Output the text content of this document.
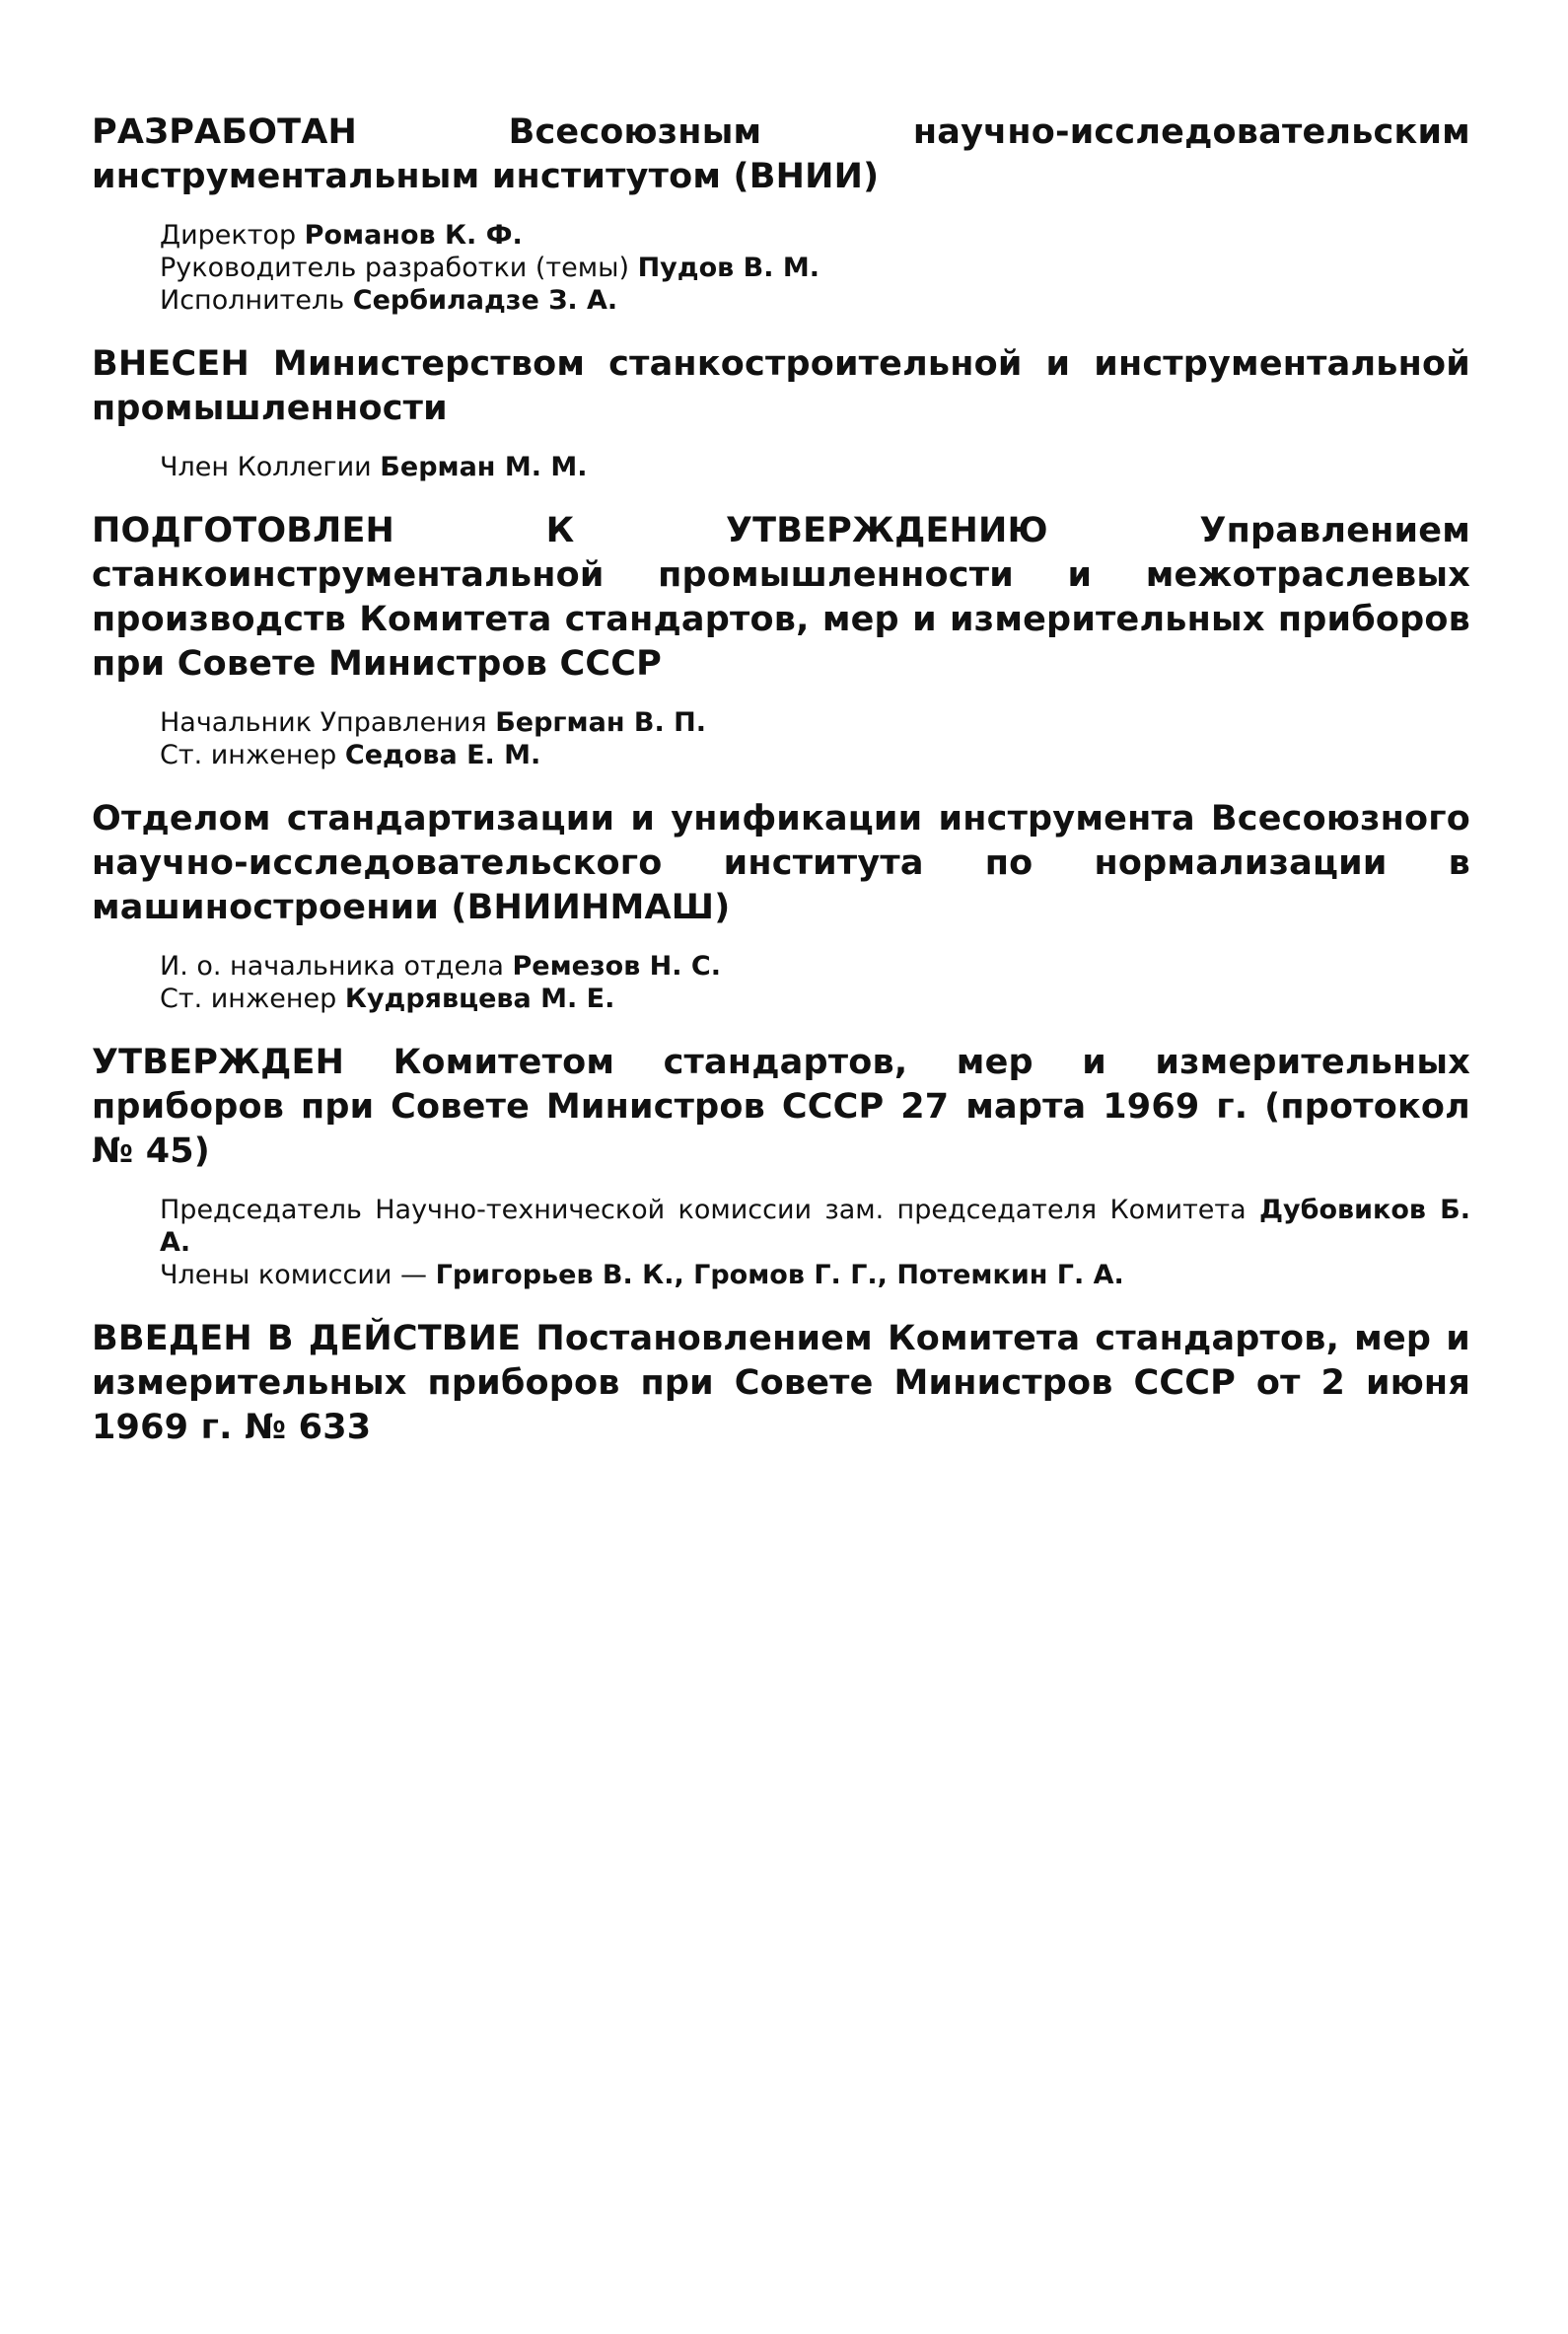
РАЗРАБОТАН Всесоюзным научно-исследовательским инструментальным институтом (ВНИИ)

Директор Романов К. Ф.
Руководитель разработки (темы) Пудов В. М.
Исполнитель Сербиладзе З. А.

ВНЕСЕН Министерством станкостроительной и инструментальной промышленности

Член Коллегии Берман М. М.

ПОДГОТОВЛЕН К УТВЕРЖДЕНИЮ Управлением станкоинструментальной промышленности и межотраслевых производств Комитета стандартов, мер и измерительных приборов при Совете Министров СССР

Начальник Управления Бергман В. П.
Ст. инженер Седова Е. М.

Отделом стандартизации и унификации инструмента Всесоюзного научно-исследовательского института по нормализации в машиностроении (ВНИИНМАШ)

И. о. начальника отдела Ремезов Н. С.
Ст. инженер Кудрявцева М. Е.

УТВЕРЖДЕН Комитетом стандартов, мер и измерительных приборов при Совете Министров СССР 27 марта 1969 г. (протокол № 45)

Председатель Научно-технической комиссии зам. председателя Комитета Дубовиков Б. А.
Члены комиссии — Григорьев В. К., Громов Г. Г., Потемкин Г. А.

ВВЕДЕН В ДЕЙСТВИЕ Постановлением Комитета стандартов, мер и измерительных приборов при Совете Министров СССР от 2 июня 1969 г. № 633
